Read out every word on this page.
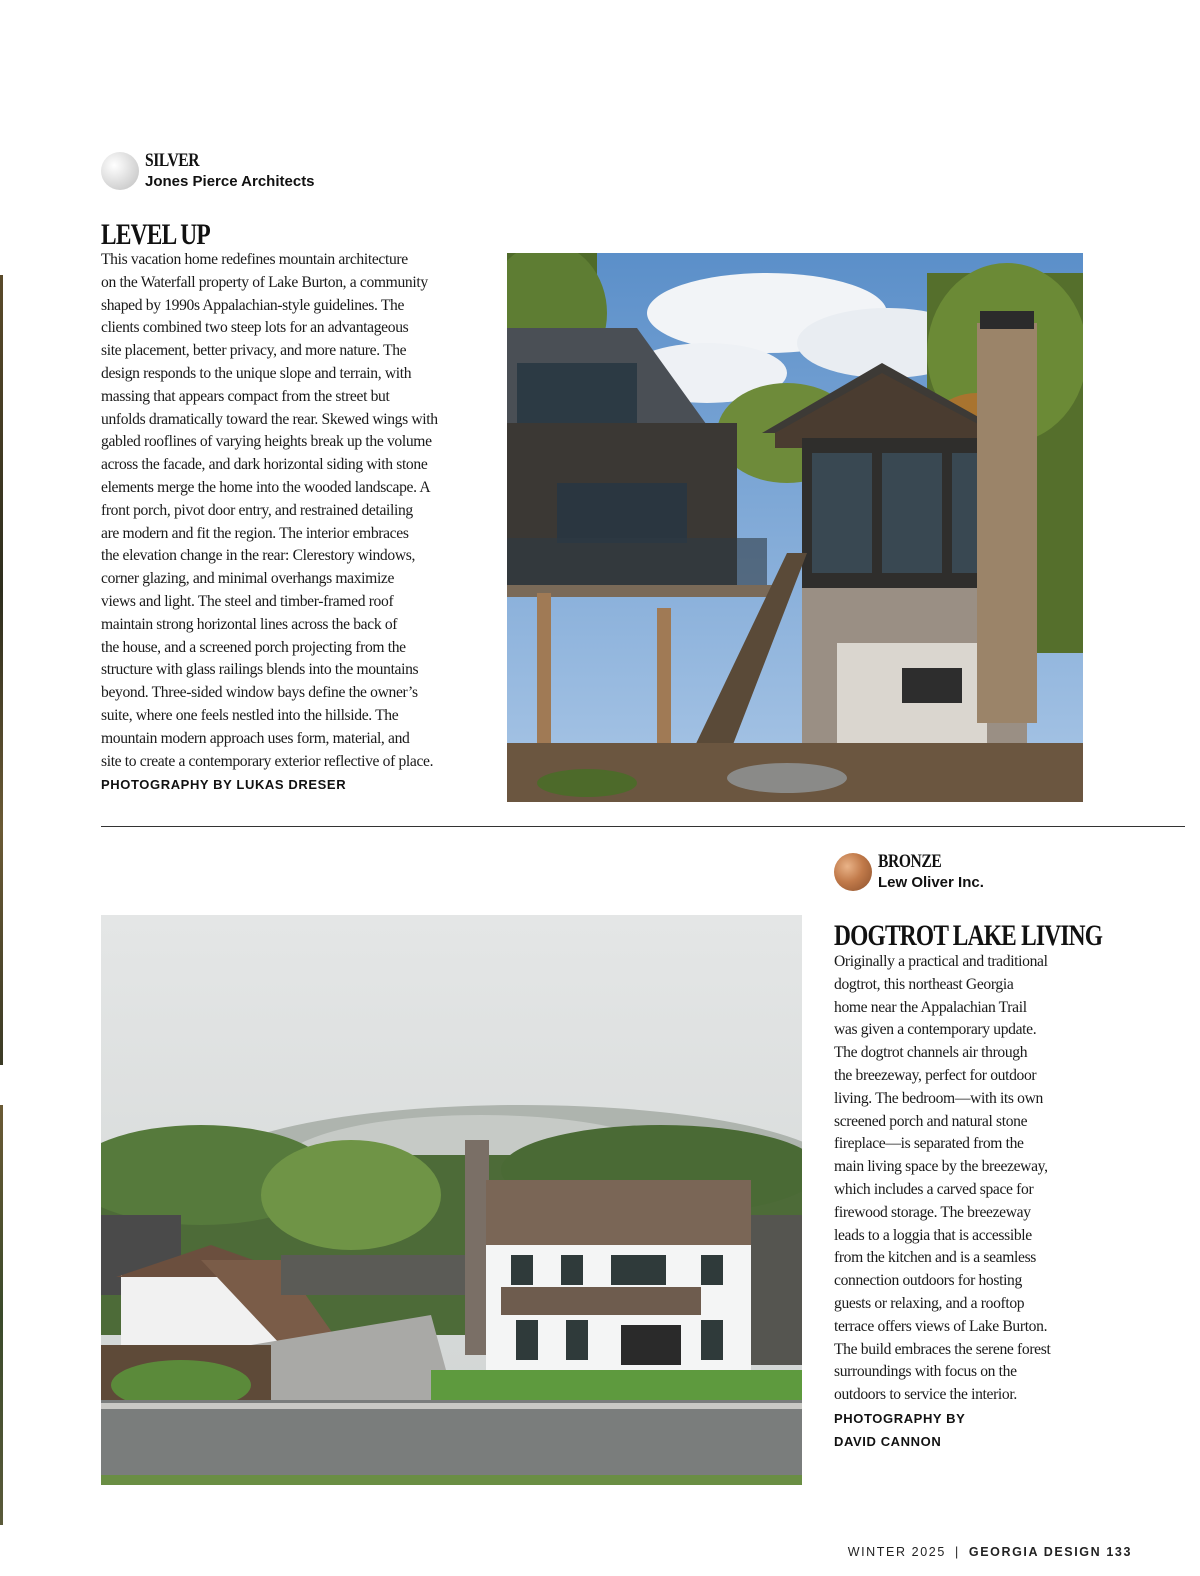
SILVER
Jones Pierce Architects
LEVEL UP
This vacation home redefines mountain architecture
on the Waterfall property of Lake Burton, a community
shaped by 1990s Appalachian-style guidelines. The
clients combined two steep lots for an advantageous
site placement, better privacy, and more nature. The
design responds to the unique slope and terrain, with
massing that appears compact from the street but
unfolds dramatically toward the rear. Skewed wings with
gabled rooflines of varying heights break up the volume
across the facade, and dark horizontal siding with stone
elements merge the home into the wooded landscape. A
front porch, pivot door entry, and restrained detailing
are modern and fit the region. The interior embraces
the elevation change in the rear: Clerestory windows,
corner glazing, and minimal overhangs maximize
views and light. The steel and timber-framed roof
maintain strong horizontal lines across the back of
the house, and a screened porch projecting from the
structure with glass railings blends into the mountains
beyond. Three-sided window bays define the owner’s
suite, where one feels nestled into the hillside. The
mountain modern approach uses form, material, and
site to create a contemporary exterior reflective of place.
PHOTOGRAPHY BY LUKAS DRESER
BRONZE
Lew Oliver Inc.
DOGTROT LAKE LIVING
Originally a practical and traditional
dogtrot, this northeast Georgia
home near the Appalachian Trail
was given a contemporary update.
The dogtrot channels air through
the breezeway, perfect for outdoor
living. The bedroom—with its own
screened porch and natural stone
fireplace—is separated from the
main living space by the breezeway,
which includes a carved space for
firewood storage. The breezeway
leads to a loggia that is accessible
from the kitchen and is a seamless
connection outdoors for hosting
guests or relaxing, and a rooftop
terrace offers views of Lake Burton.
The build embraces the serene forest
surroundings with focus on the
outdoors to service the interior.
PHOTOGRAPHY BY
DAVID CANNON
WINTER 2025 | GEORGIA DESIGN 133
